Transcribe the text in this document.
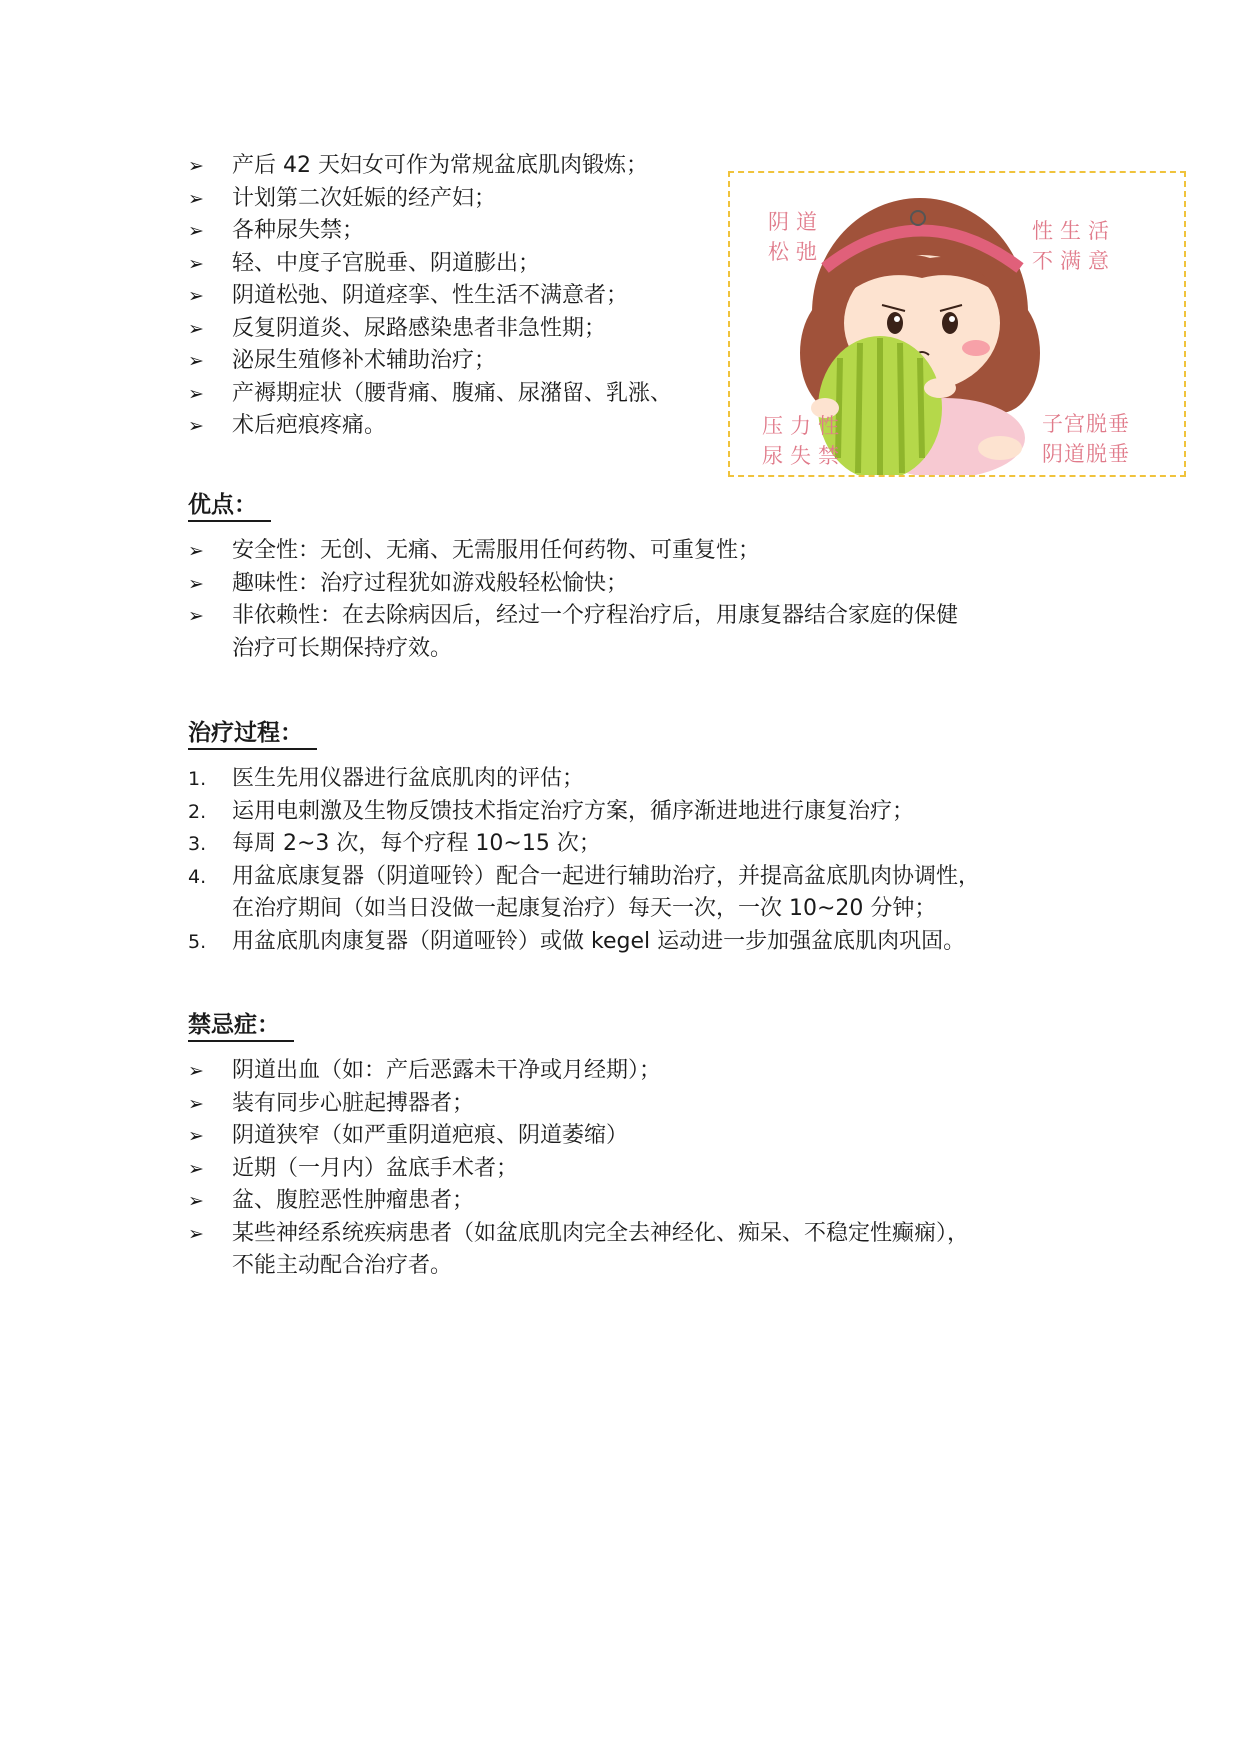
➢	产后 42 天妇女可作为常规盆底肌肉锻炼；
➢	计划第二次妊娠的经产妇；
➢	各种尿失禁；
➢	轻、中度子宫脱垂、阴道膨出；
➢	阴道松弛、阴道痉挛、性生活不满意者；
➢	反复阴道炎、尿路感染患者非急性期；
➢	泌尿生殖修补术辅助治疗；
➢	产褥期症状（腰背痛、腹痛、尿潴留、乳涨、
➢	术后疤痕疼痛。
阴道
松弛
性生活
不满意
压力性
尿失禁
子宫脱垂
阴道脱垂
优点：
➢	安全性：无创、无痛、无需服用任何药物、可重复性；
➢	趣味性：治疗过程犹如游戏般轻松愉快；
➢	非依赖性：在去除病因后，经过一个疗程治疗后，用康复器结合家庭的保健
治疗可长期保持疗效。
治疗过程：
1.	医生先用仪器进行盆底肌肉的评估；
2.	运用电刺激及生物反馈技术指定治疗方案，循序渐进地进行康复治疗；
3.	每周 2~3 次，每个疗程 10~15 次；
4.	用盆底康复器（阴道哑铃）配合一起进行辅助治疗，并提高盆底肌肉协调性，
在治疗期间（如当日没做一起康复治疗）每天一次，一次 10~20 分钟；
5.	用盆底肌肉康复器（阴道哑铃）或做 kegel 运动进一步加强盆底肌肉巩固。
禁忌症：
➢	阴道出血（如：产后恶露未干净或月经期）；
➢	装有同步心脏起搏器者；
➢	阴道狭窄（如严重阴道疤痕、阴道萎缩）
➢	近期（一月内）盆底手术者；
➢	盆、腹腔恶性肿瘤患者；
➢	某些神经系统疾病患者（如盆底肌肉完全去神经化、痴呆、不稳定性癫痫），
不能主动配合治疗者。
